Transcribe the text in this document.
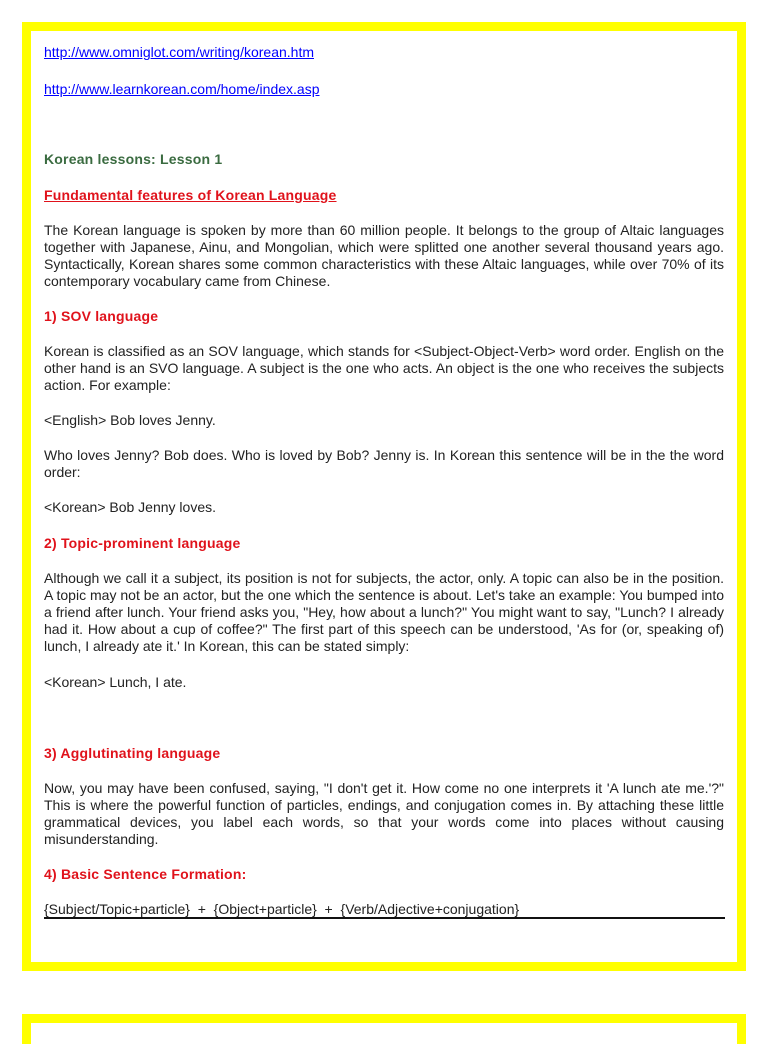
http://www.omniglot.com/writing/korean.htm

http://www.learnkorean.com/home/index.asp

Korean lessons: Lesson 1

Fundamental features of Korean Language

The Korean language is spoken by more than 60 million people. It belongs to the group of Altaic languages together with Japanese, Ainu, and Mongolian, which were splitted one another several thousand years ago. Syntactically, Korean shares some common characteristics with these Altaic languages, while over 70% of its contemporary vocabulary came from Chinese.

1) SOV language

Korean is classified as an SOV language, which stands for <Subject-Object-Verb> word order. English on the other hand is an SVO language. A subject is the one who acts. An object is the one who receives the subjects action. For example:

<English> Bob loves Jenny.

Who loves Jenny? Bob does. Who is loved by Bob? Jenny is. In Korean this sentence will be in the the word order:

<Korean> Bob Jenny loves.

2) Topic-prominent language

Although we call it a subject, its position is not for subjects, the actor, only. A topic can also be in the position. A topic may not be an actor, but the one which the sentence is about. Let's take an example: You bumped into a friend after lunch. Your friend asks you, "Hey, how about a lunch?" You might want to say, "Lunch? I already had it. How about a cup of coffee?" The first part of this speech can be understood, 'As for (or, speaking of) lunch, I already ate it.' In Korean, this can be stated simply:

<Korean> Lunch, I ate.

3) Agglutinating language

Now, you may have been confused, saying, "I don't get it. How come no one interprets it 'A lunch ate me.'?" This is where the powerful function of particles, endings, and conjugation comes in. By attaching these little grammatical devices, you label each words, so that your words come into places without causing misunderstanding.

4) Basic Sentence Formation:

{Subject/Topic+particle}  +  {Object+particle}  +  {Verb/Adjective+conjugation}
